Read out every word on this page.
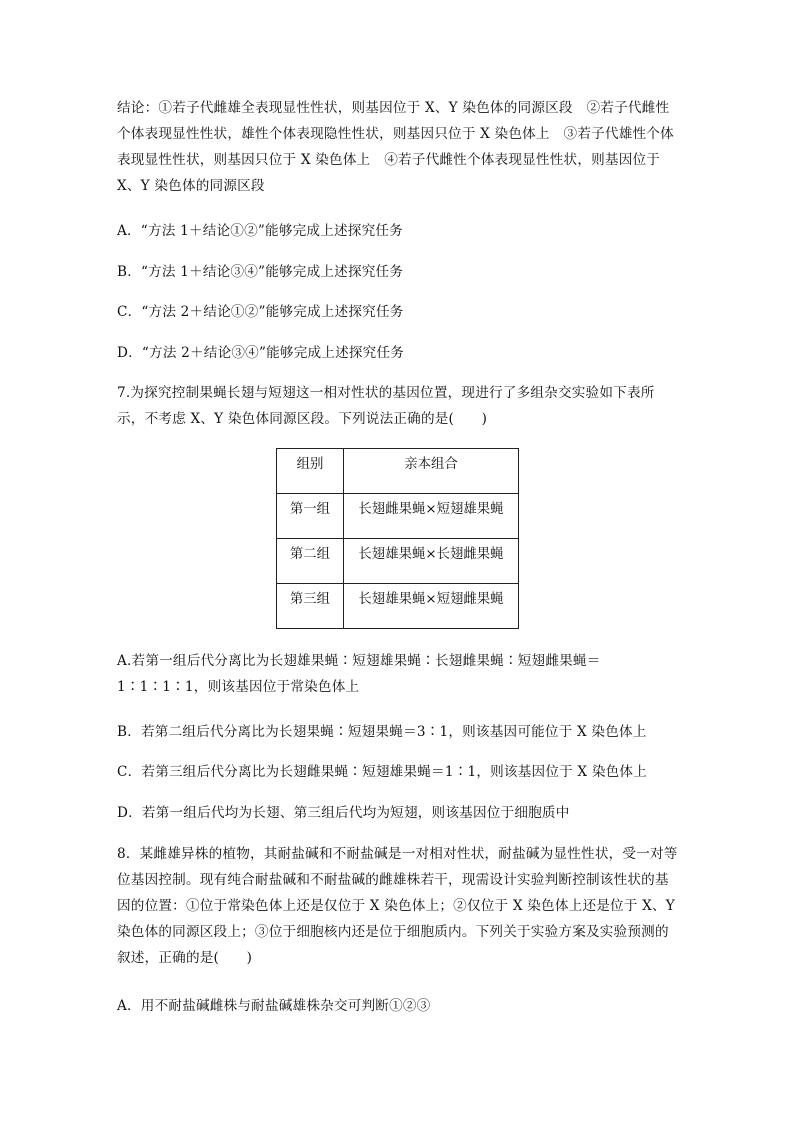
结论：①若子代雌雄全表现显性性状，则基因位于 X、Y 染色体的同源区段　②若子代雌性个体表现显性性状，雄性个体表现隐性性状，则基因只位于 X 染色体上　③若子代雄性个体表现显性性状，则基因只位于 X 染色体上　④若子代雌性个体表现显性性状，则基因位于 X、Y 染色体的同源区段
A．“方法 1＋结论①②”能够完成上述探究任务
B．“方法 1＋结论③④”能够完成上述探究任务
C．“方法 2＋结论①②”能够完成上述探究任务
D．“方法 2＋结论③④”能够完成上述探究任务
7.为探究控制果蝇长翅与短翅这一相对性状的基因位置，现进行了多组杂交实验如下表所示，不考虑 X、Y 染色体同源区段。下列说法正确的是(　　)
组别	亲本组合
第一组	长翅雌果蝇×短翅雄果蝇
第二组	长翅雄果蝇×长翅雌果蝇
第三组	长翅雄果蝇×短翅雌果蝇
A.若第一组后代分离比为长翅雄果蝇∶短翅雄果蝇∶长翅雌果蝇∶短翅雌果蝇＝1∶1∶1∶1，则该基因位于常染色体上
B．若第二组后代分离比为长翅果蝇∶短翅果蝇＝3∶1，则该基因可能位于 X 染色体上
C．若第三组后代分离比为长翅雌果蝇∶短翅雄果蝇＝1∶1，则该基因位于 X 染色体上
D．若第一组后代均为长翅、第三组后代均为短翅，则该基因位于细胞质中
8．某雌雄异株的植物，其耐盐碱和不耐盐碱是一对相对性状，耐盐碱为显性性状，受一对等位基因控制。现有纯合耐盐碱和不耐盐碱的雌雄株若干，现需设计实验判断控制该性状的基因的位置：①位于常染色体上还是仅位于 X 染色体上；②仅位于 X 染色体上还是位于 X、Y 染色体的同源区段上；③位于细胞核内还是位于细胞质内。下列关于实验方案及实验预测的叙述，正确的是(　　)
A．用不耐盐碱雌株与耐盐碱雄株杂交可判断①②③
